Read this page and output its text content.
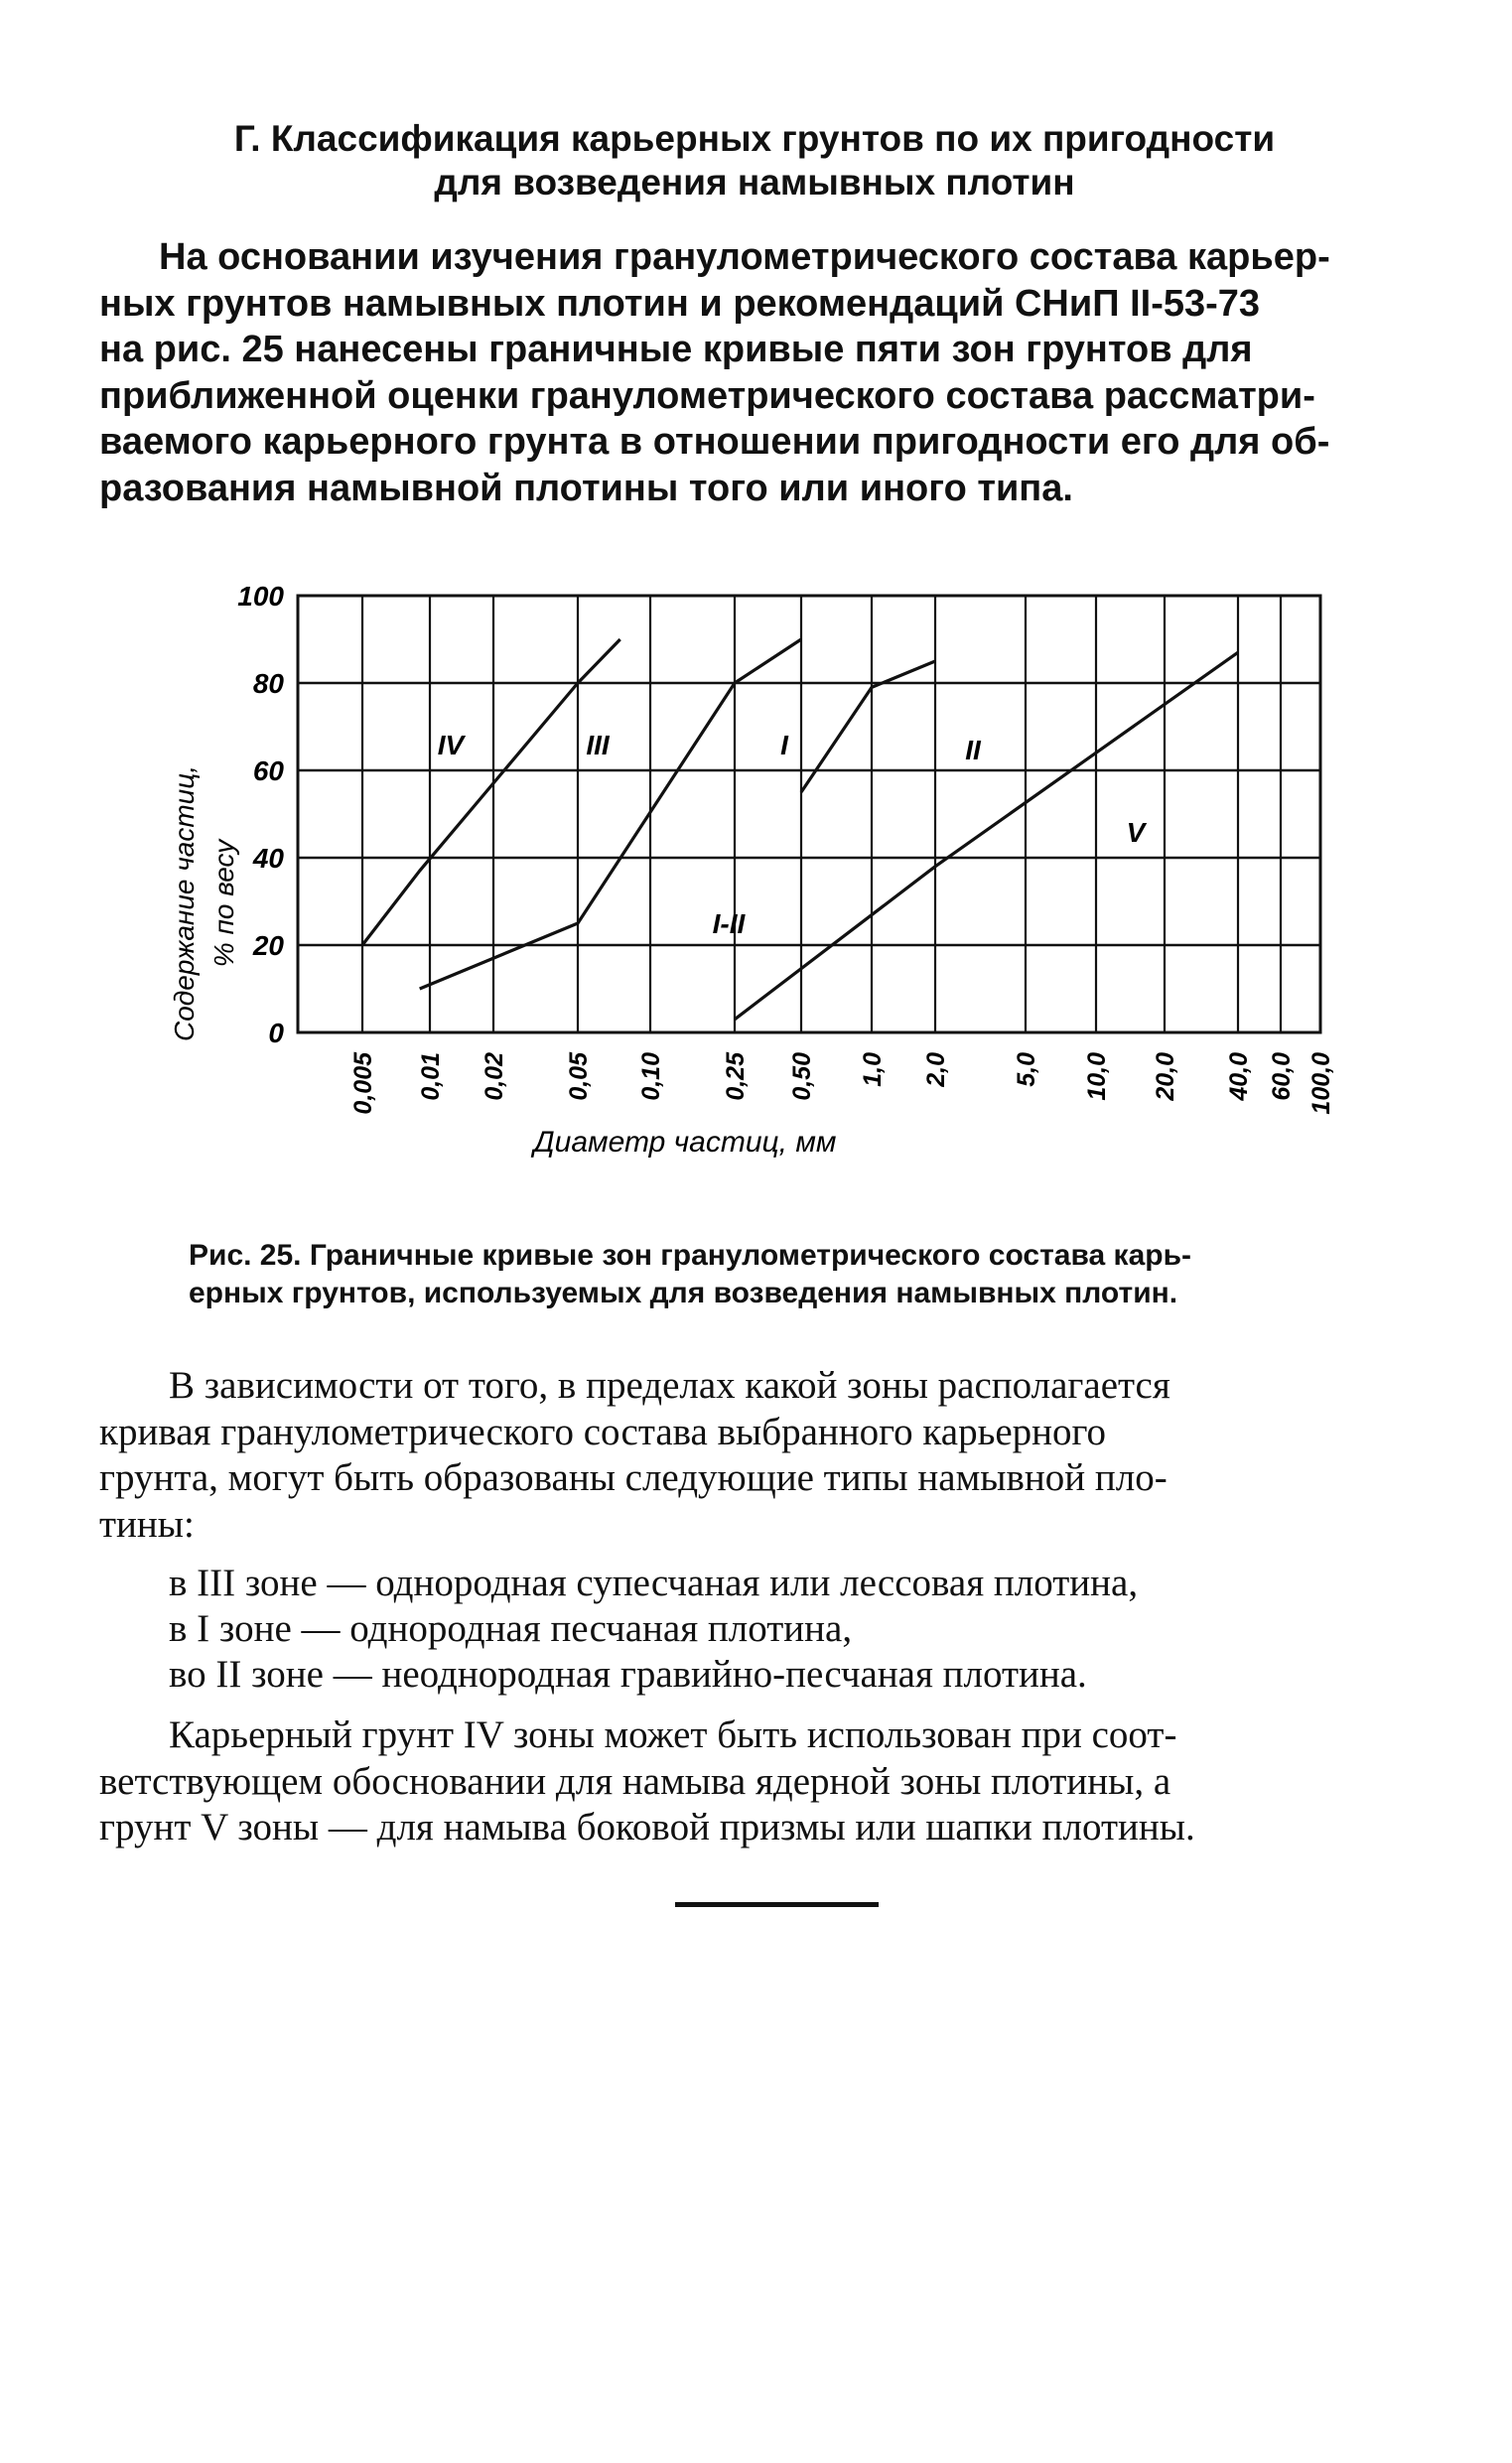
Г. Классификация карьерных грунтов по их пригодности
для возведения намывных плотин
На основании изучения гранулометрического состава карьер-
ных грунтов намывных плотин и рекомендаций СНиП II-53-73
на рис. 25 нанесены граничные кривые пяти зон грунтов для
приближенной оценки гранулометрического состава рассматри-
ваемого карьерного грунта в отношении пригодности его для об-
разования намывной плотины того или иного типа.
0
20
40
60
80
100
0,005 0,01 0,02 0,05 0,10 0,25 0,50 1,0 2,0	5,0 10,0 20,0 40,0 60,0 100,0
IV	III	I	II
V
I-II
Диаметр частиц, мм
Содержание частиц, % по весу
Рис. 25. Граничные кривые зон гранулометрического состава карь-
ерных грунтов, используемых для возведения намывных плотин.
В зависимости от того, в пределах какой зоны располагается
кривая гранулометрического состава выбранного карьерного
грунта, могут быть образованы следующие типы намывной пло-
тины:
в III зоне — однородная супесчаная или лессовая плотина,
в I зоне — однородная песчаная плотина,
во II зоне — неоднородная гравийно-песчаная плотина.
Карьерный грунт IV зоны может быть использован при соот-
ветствующем обосновании для намыва ядерной зоны плотины, а
грунт V зоны — для намыва боковой призмы или шапки плотины.
